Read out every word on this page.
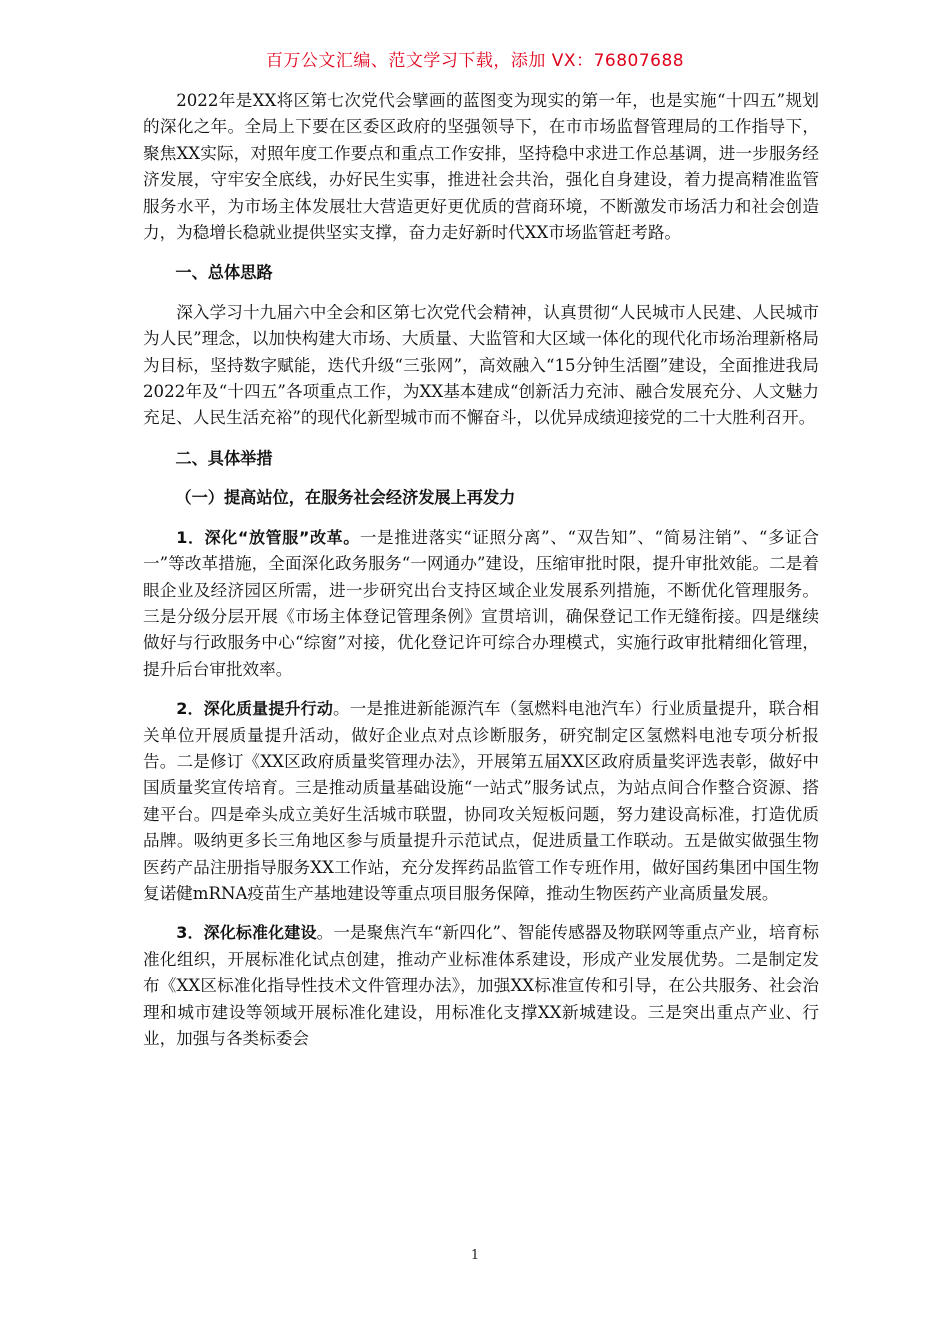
百万公文汇编、范文学习下载，添加 VX：76807688

2022年是XX将区第七次党代会擘画的蓝图变为现实的第一年，也是实施“十四五”规划的深化之年。全局上下要在区委区政府的坚强领导下，在市市场监督管理局的工作指导下，聚焦XX实际，对照年度工作要点和重点工作安排，坚持稳中求进工作总基调，进一步服务经济发展，守牢安全底线，办好民生实事，推进社会共治，强化自身建设，着力提高精准监管服务水平，为市场主体发展壮大营造更好更优质的营商环境，不断激发市场活力和社会创造力，为稳增长稳就业提供坚实支撑，奋力走好新时代XX市场监管赶考路。

一、总体思路

深入学习十九届六中全会和区第七次党代会精神，认真贯彻“人民城市人民建、人民城市为人民”理念，以加快构建大市场、大质量、大监管和大区域一体化的现代化市场治理新格局为目标，坚持数字赋能，迭代升级“三张网”，高效融入“15分钟生活圈”建设，全面推进我局2022年及“十四五”各项重点工作，为XX基本建成“创新活力充沛、融合发展充分、人文魅力充足、人民生活充裕”的现代化新型城市而不懈奋斗，以优异成绩迎接党的二十大胜利召开。

二、具体举措
（一）提高站位，在服务社会经济发展上再发力

1．深化“放管服”改革。一是推进落实“证照分离”、“双告知”、“简易注销”、“多证合一”等改革措施，全面深化政务服务“一网通办”建设，压缩审批时限，提升审批效能。二是着眼企业及经济园区所需，进一步研究出台支持区域企业发展系列措施，不断优化管理服务。三是分级分层开展《市场主体登记管理条例》宣贯培训，确保登记工作无缝衔接。四是继续做好与行政服务中心“综窗”对接，优化登记许可综合办理模式，实施行政审批精细化管理，提升后台审批效率。

2．深化质量提升行动。一是推进新能源汽车（氢燃料电池汽车）行业质量提升，联合相关单位开展质量提升活动，做好企业点对点诊断服务，研究制定区氢燃料电池专项分析报告。二是修订《XX区政府质量奖管理办法》，开展第五届XX区政府质量奖评选表彰，做好中国质量奖宣传培育。三是推动质量基础设施“一站式”服务试点，为站点间合作整合资源、搭建平台。四是牵头成立美好生活城市联盟，协同攻关短板问题，努力建设高标准，打造优质品牌。吸纳更多长三角地区参与质量提升示范试点，促进质量工作联动。五是做实做强生物医药产品注册指导服务XX工作站，充分发挥药品监管工作专班作用，做好国药集团中国生物复诺健mRNA疫苗生产基地建设等重点项目服务保障，推动生物医药产业高质量发展。

3．深化标准化建设。一是聚焦汽车“新四化”、智能传感器及物联网等重点产业，培育标准化组织，开展标准化试点创建，推动产业标准体系建设，形成产业发展优势。二是制定发布《XX区标准化指导性技术文件管理办法》，加强XX标准宣传和引导，在公共服务、社会治理和城市建设等领域开展标准化建设，用标准化支撑XX新城建设。三是突出重点产业、行业，加强与各类标委会

1
